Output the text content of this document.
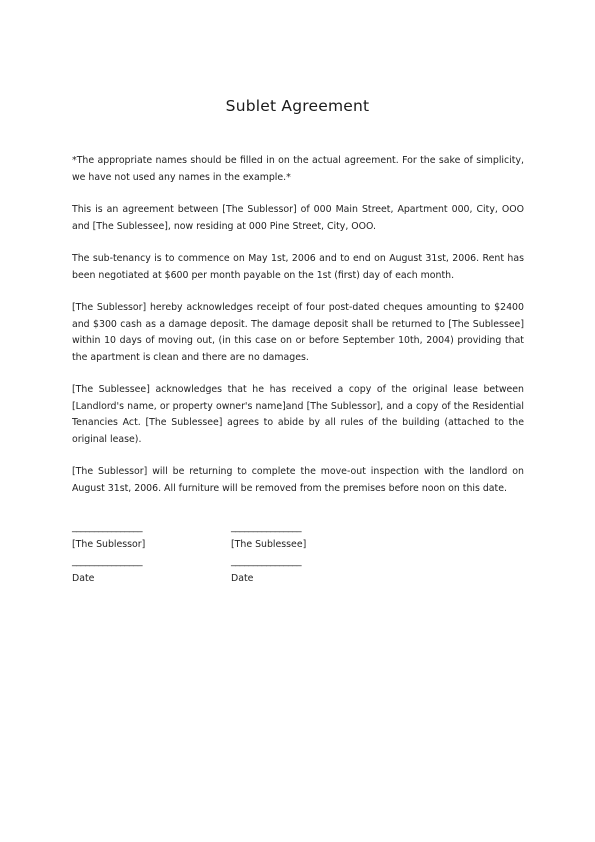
Sublet Agreement

*The appropriate names should be filled in on the actual agreement. For the sake of simplicity, we have not used any names in the example.*

This is an agreement between [The Sublessor] of 000 Main Street, Apartment 000, City, OOO and [The Sublessee], now residing at 000 Pine Street, City, OOO.

The sub-tenancy is to commence on May 1st, 2006 and to end on August 31st, 2006. Rent has been negotiated at $600 per month payable on the 1st (first) day of each month.

[The Sublessor] hereby acknowledges receipt of four post-dated cheques amounting to $2400 and $300 cash as a damage deposit. The damage deposit shall be returned to [The Sublessee] within 10 days of moving out, (in this case on or before September 10th, 2004) providing that the apartment is clean and there are no damages.

[The Sublessee] acknowledges that he has received a copy of the original lease between [Landlord's name, or property owner's name]and [The Sublessor], and a copy of the Residential Tenancies Act. [The Sublessee] agrees to abide by all rules of the building (attached to the original lease).

[The Sublessor] will be returning to complete the move-out inspection with the landlord on August 31st, 2006. All furniture will be removed from the premises before noon on this date.

________________
[The Sublessor]
________________
[The Sublessee]
________________
Date
________________
Date
